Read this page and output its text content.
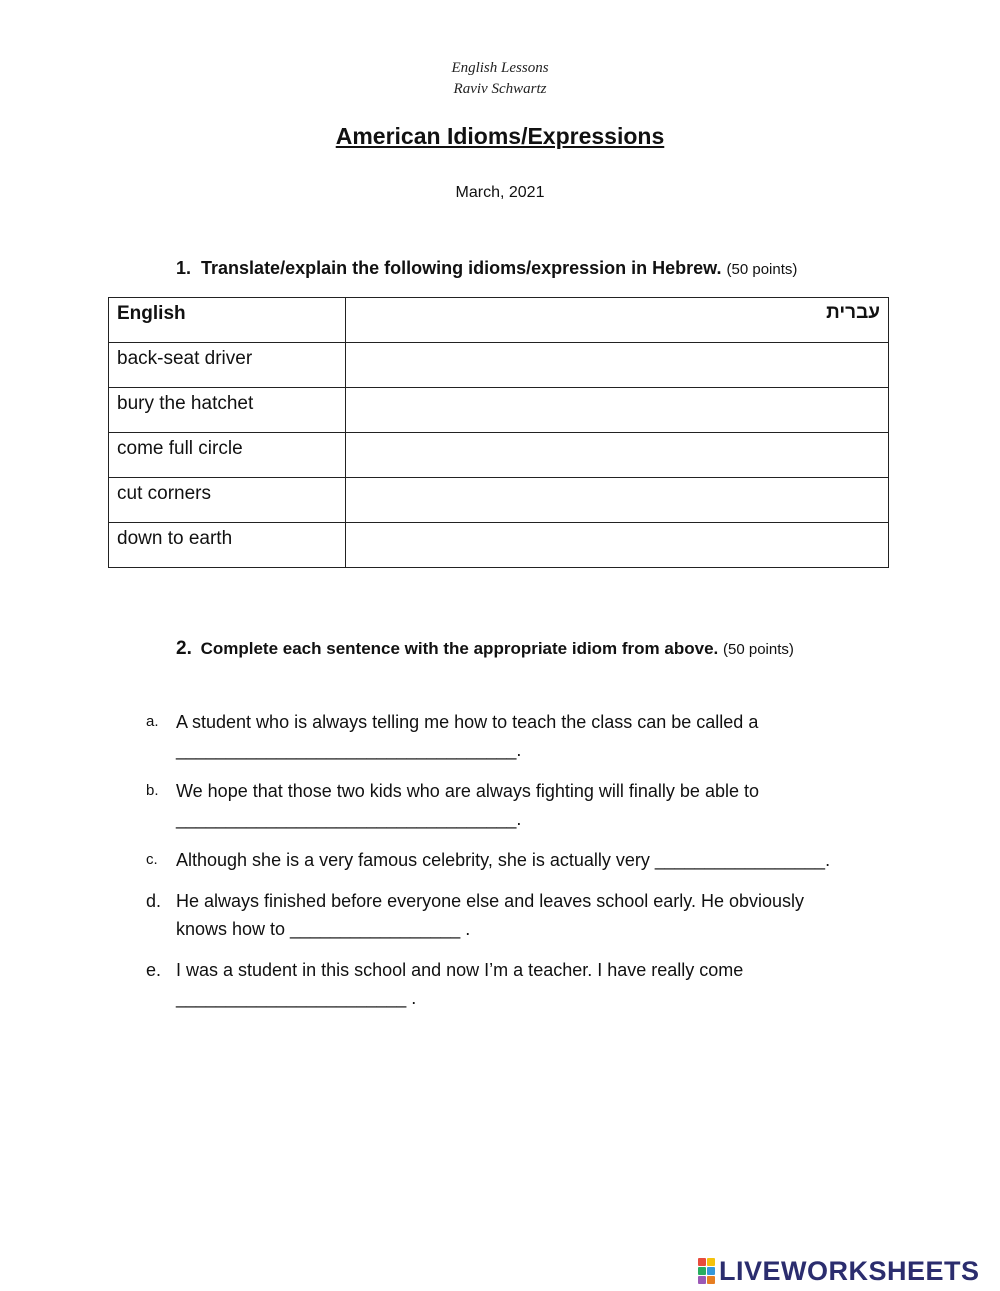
English Lessons
Raviv Schwartz
American Idioms/Expressions
March, 2021
1. Translate/explain the following idioms/expression in Hebrew. (50 points)
English	עברית
back-seat driver	
bury the hatchet	
come full circle	
cut corners	
down to earth	
2. Complete each sentence with the appropriate idiom from above. (50 points)
a. A student who is always telling me how to teach the class can be called a
__________________________________.
b. We hope that those two kids who are always fighting will finally be able to
__________________________________.
c.	Although she is a very famous celebrity, she is actually very _________________.
d. He always finished before everyone else and leaves school early. He obviously
knows how to _________________ .
e. I was a student in this school and now I’m a teacher. I have really come
_______________________ .
LIVEWORKSHEETS
